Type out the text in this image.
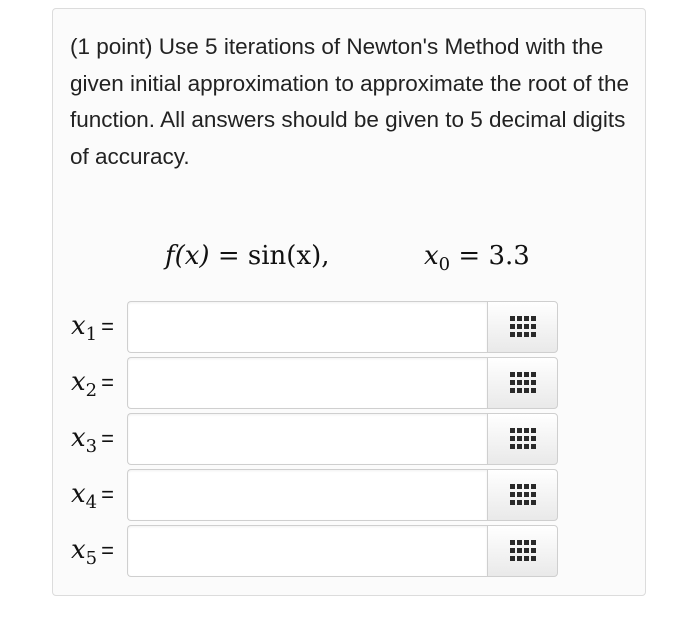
(1 point) Use 5 iterations of Newton's Method with the given initial approximation to approximate the root of the function. All answers should be given to 5 decimal digits of accuracy.

f(x) = sin(x),	$x_0 = 3.3$
$x_1$ =
$x_2$ =
$x_3$ =
$x_4$ =
$x_5$ =
